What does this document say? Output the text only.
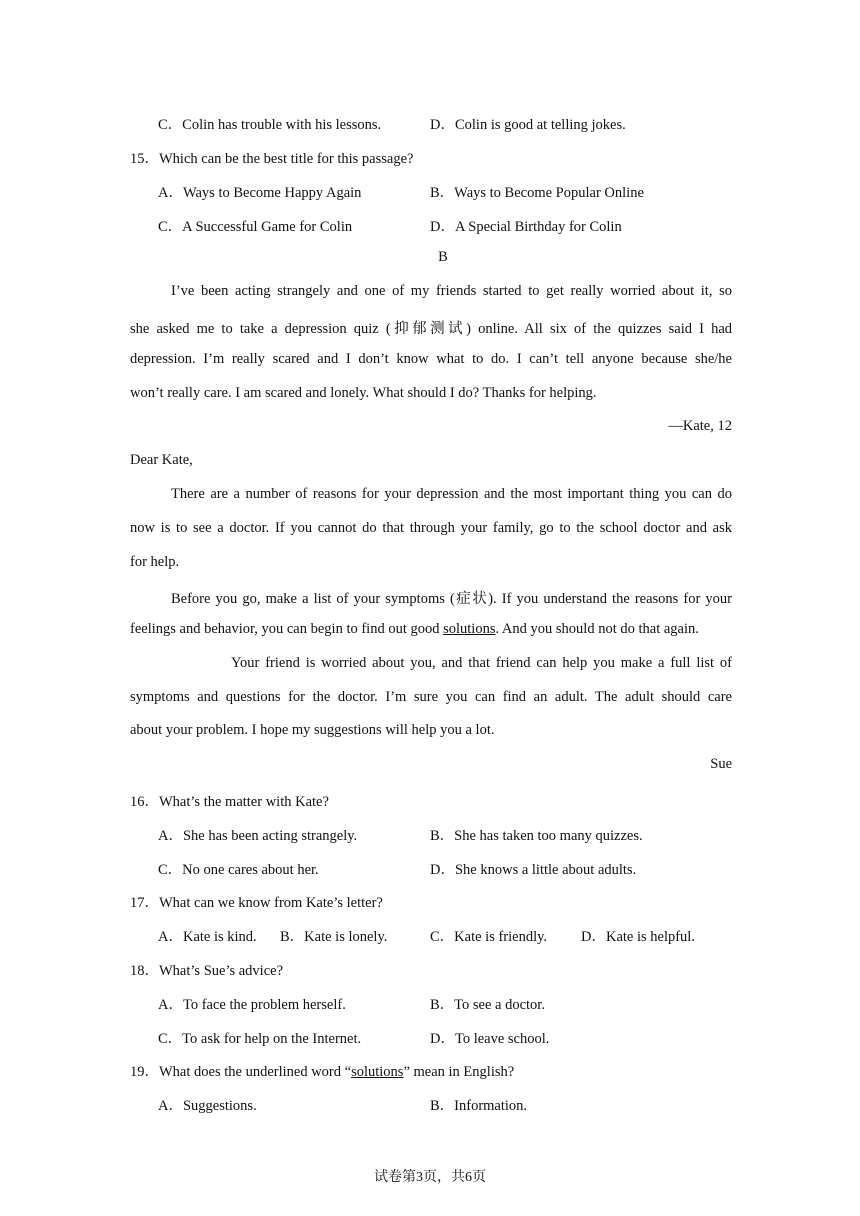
C．Colin has trouble with his lessons.	D．Colin is good at telling jokes.
15．Which can be the best title for this passage?
A．Ways to Become Happy Again	B．Ways to Become Popular Online
C．A Successful Game for Colin	D．A Special Birthday for Colin
B
I’ve been acting strangely and one of my friends started to get really worried about it, so
she asked me to take a depression quiz (抑郁测试) online. All six of the quizzes said I had
depression. I’m really scared and I don’t know what to do. I can’t tell anyone because she/he
won’t really care. I am scared and lonely. What should I do? Thanks for helping.
—Kate, 12
Dear Kate,
There are a number of reasons for your depression and the most important thing you can do
now is to see a doctor. If you cannot do that through your family, go to the school doctor and ask
for help.
Before you go, make a list of your symptoms (症状). If you understand the reasons for your
feelings and behavior, you can begin to find out good solutions. And you should not do that again.
Your friend is worried about you, and that friend can help you make a full list of
symptoms and questions for the doctor. I’m sure you can find an adult. The adult should care
about your problem. I hope my suggestions will help you a lot.
Sue
16．What’s the matter with Kate?
A．She has been acting strangely.	B．She has taken too many quizzes.
C．No one cares about her.	D．She knows a little about adults.
17．What can we know from Kate’s letter?
A．Kate is kind. B．Kate is lonely.	C．Kate is friendly. D．Kate is helpful.
18．What’s Sue’s advice?
A．To face the problem herself.	B．To see a doctor.
C．To ask for help on the Internet.	D．To leave school.
19．What does the underlined word “solutions” mean in English?
A．Suggestions.	B．Information.
试卷第3页，共6页
